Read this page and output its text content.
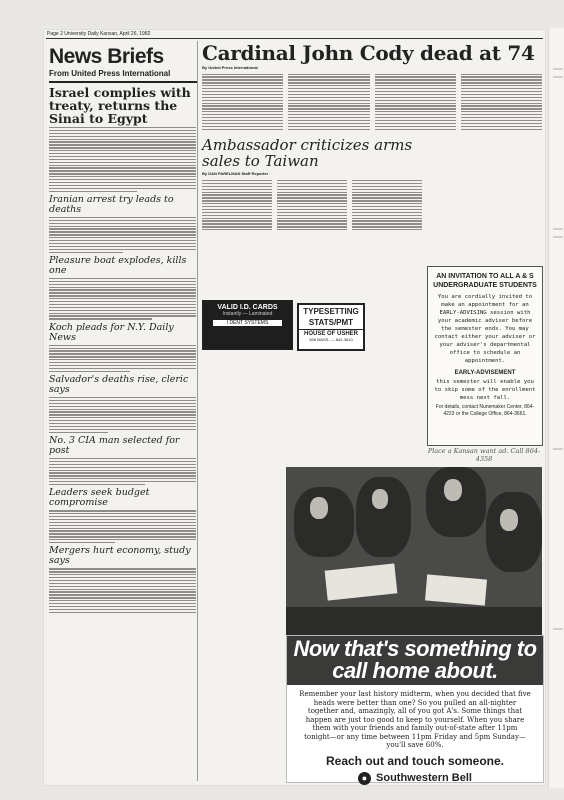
Page 2 University Daily Kansan, April 26, 1982
News Briefs
From United Press International
Israel complies with treaty, returns the Sinai to Egypt
Iranian arrest try leads to deaths
Pleasure boat explodes, kills one
Koch pleads for N.Y. Daily News
Salvador's deaths rise, cleric says
No. 3 CIA man selected for post
Leaders seek budget compromise
Mergers hurt economy, study says
Cardinal John Cody dead at 74
By United Press International
Ambassador criticizes arms sales to Taiwan
By DAN PARELMAN Staff Reporter
VALID I.D. CARDS
Instantly — Laminated
I DENT SYSTEMS
TYPESETTING
STATS/PMT
HOUSE OF USHER
838 MASS. — 842-3610
AN INVITATION TO ALL A & S UNDERGRADUATE STUDENTS
You are cordially invited to make an appointment for an EARLY-ADVISING session with your academic adviser before the semester ends. You may contact either your adviser or your adviser's departmental office to schedule an appointment.
EARLY-ADVISEMENT
this semester will enable you to skip some of the enrollment mess next fall.
For details, contact Nunemaker Center, 864-4223 or the College Office, 864-3661.
Place a Kansan want ad. Call 864-4358
Now that's something to call home about.
Remember your last history midterm, when you decided that five heads were better than one? So you pulled an all-nighter together and, amazingly, all of you got A's. Some things that happen are just too good to keep to yourself. When you share them with your friends and family out-of-state after 11pm tonight—or any time between 11pm Friday and 5pm Sunday—you'll save 60%.
Reach out and touch someone.
● Southwestern Bell
